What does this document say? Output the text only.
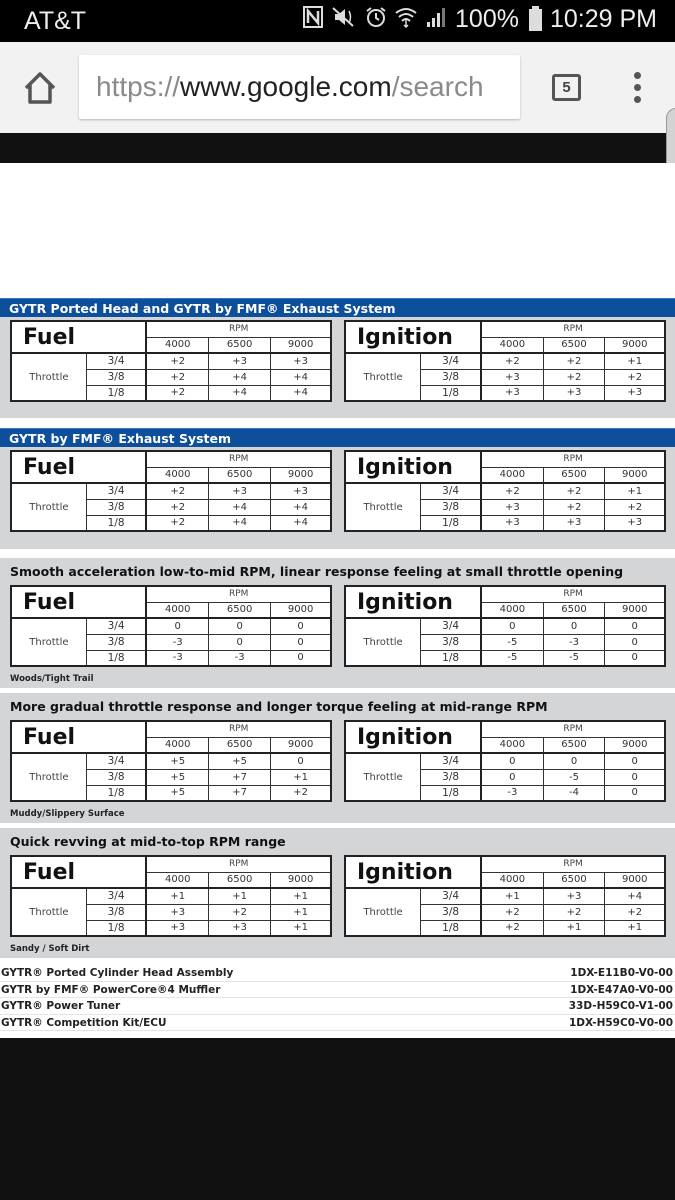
AT&T	100% 10:29 PM
https://www.google.com/search	5
GYTR Ported Head and GYTR by FMF® Exhaust System
Fuel		RPM		
		4000	6500	9000
Throttle	3/4	+2	+3	+3
	3/8	+2	+4	+4
	1/8	+2	+4	+4
Ignition		RPM		
		4000	6500	9000
Throttle	3/4	+2	+2	+1
	3/8	+3	+2	+2
	1/8	+3	+3	+3
GYTR by FMF® Exhaust System
Fuel		RPM		
		4000	6500	9000
Throttle	3/4	+2	+3	+3
	3/8	+2	+4	+4
	1/8	+2	+4	+4
Ignition		RPM		
		4000	6500	9000
Throttle	3/4	+2	+2	+1
	3/8	+3	+2	+2
	1/8	+3	+3	+3
Smooth acceleration low-to-mid RPM, linear response feeling at small throttle opening
Fuel		RPM		
		4000	6500	9000
Throttle	3/4	0	0	0
	3/8	-3	0	0
	1/8	-3	-3	0
Ignition		RPM		
		4000	6500	9000
Throttle	3/4	0	0	0
	3/8	-5	-3	0
	1/8	-5	-5	0
Woods/Tight Trail
More gradual throttle response and longer torque feeling at mid-range RPM
Fuel		RPM		
		4000	6500	9000
Throttle	3/4	+5	+5	0
	3/8	+5	+7	+1
	1/8	+5	+7	+2
Ignition		RPM		
		4000	6500	9000
Throttle	3/4	0	0	0
	3/8	0	-5	0
	1/8	-3	-4	0
Muddy/Slippery Surface
Quick revving at mid-to-top RPM range
Fuel		RPM		
		4000	6500	9000
Throttle	3/4	+1	+1	+1
	3/8	+3	+2	+1
	1/8	+3	+3	+1
Ignition		RPM		
		4000	6500	9000
Throttle	3/4	+1	+3	+4
	3/8	+2	+2	+2
	1/8	+2	+1	+1
Sandy / Soft Dirt
GYTR® Ported Cylinder Head Assembly	1DX-E11B0-V0-00
GYTR by FMF® PowerCore®4 Muffler	1DX-E47A0-V0-00
GYTR® Power Tuner	33D-H59C0-V1-00
GYTR® Competition Kit/ECU	1DX-H59C0-V0-00
